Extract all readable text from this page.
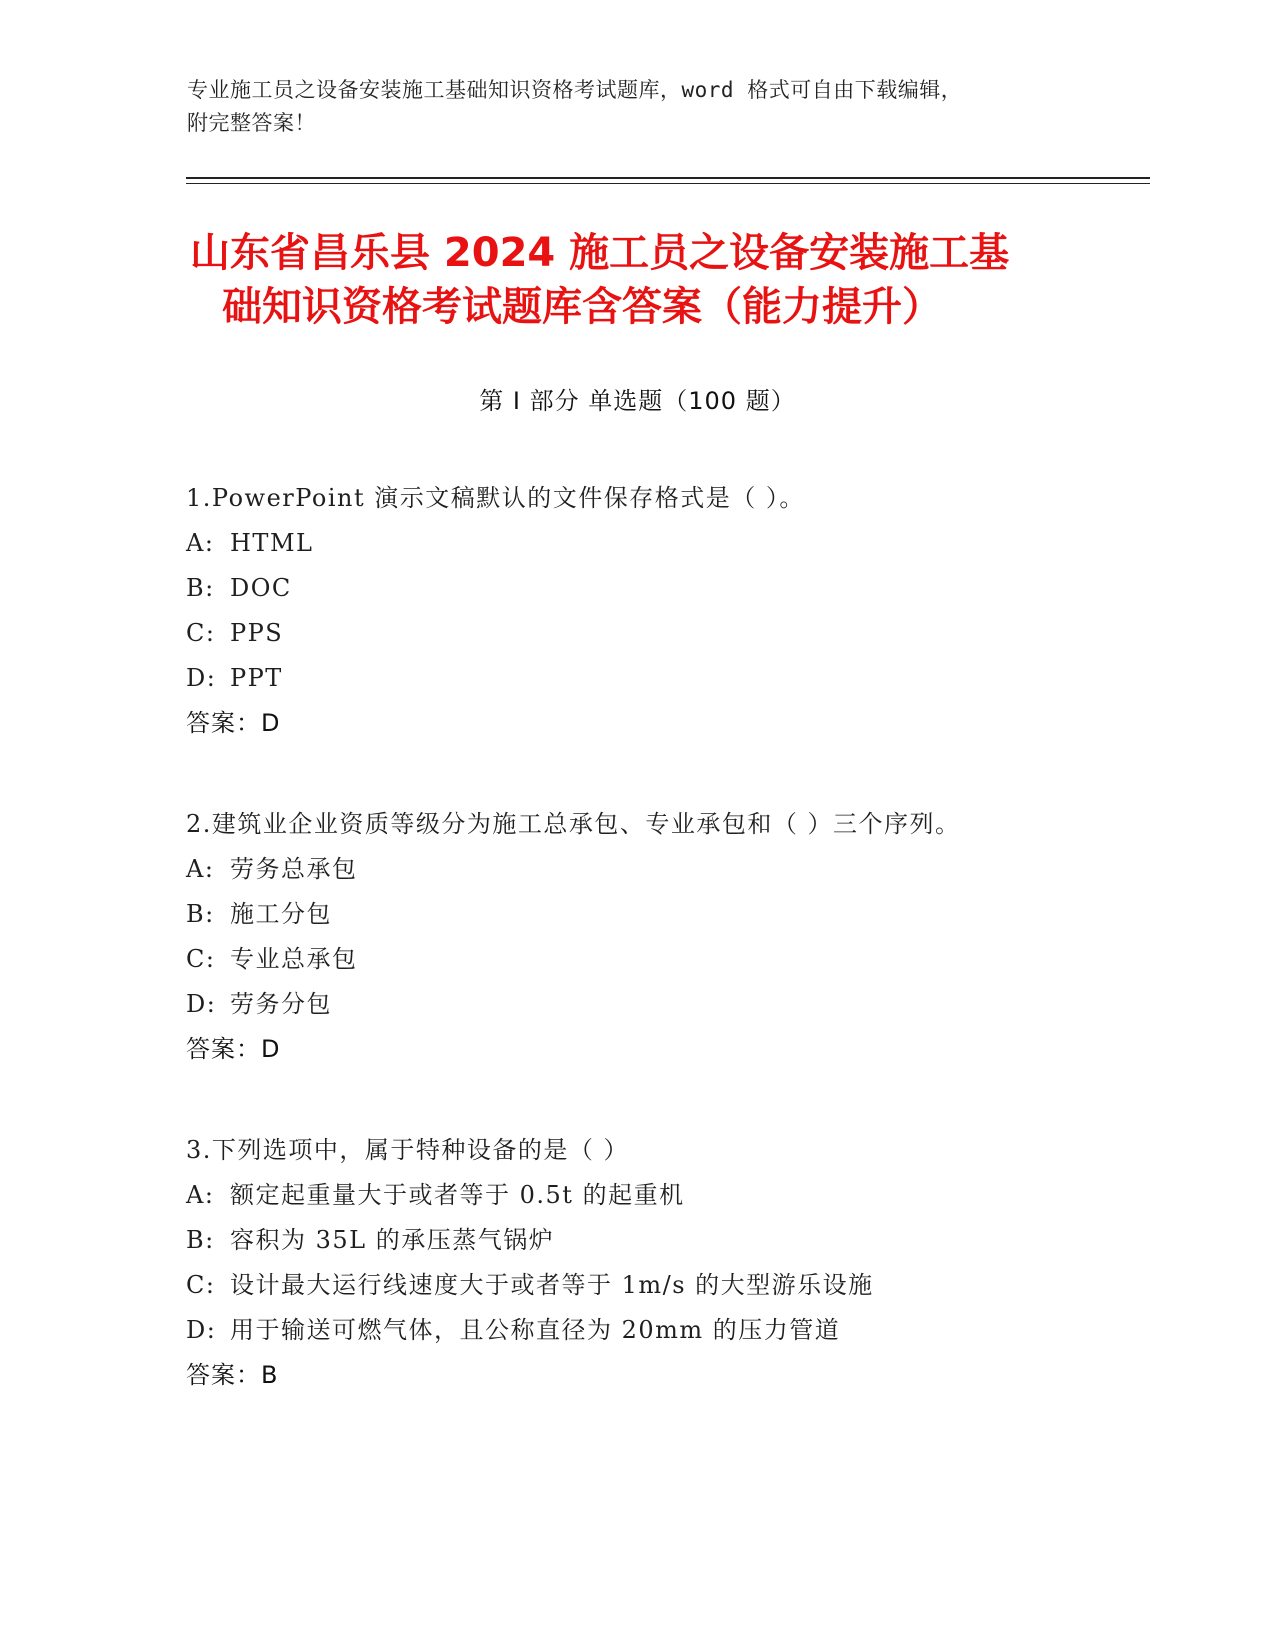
专业施工员之设备安装施工基础知识资格考试题库，word 格式可自由下载编辑，
附完整答案！
山东省昌乐县 2024 施工员之设备安装施工基
础知识资格考试题库含答案（能力提升）
第 I 部分 单选题（100 题）
1.PowerPoint 演示文稿默认的文件保存格式是（ ）。
A: HTML
B: DOC
C: PPS
D: PPT
答案：D
2.建筑业企业资质等级分为施工总承包、专业承包和（ ）三个序列。
A: 劳务总承包
B: 施工分包
C: 专业总承包
D: 劳务分包
答案：D
3.下列选项中，属于特种设备的是（ ）
A: 额定起重量大于或者等于 0.5t 的起重机
B: 容积为 35L 的承压蒸气锅炉
C: 设计最大运行线速度大于或者等于 1m/s 的大型游乐设施
D: 用于输送可燃气体，且公称直径为 20mm 的压力管道
答案：B
